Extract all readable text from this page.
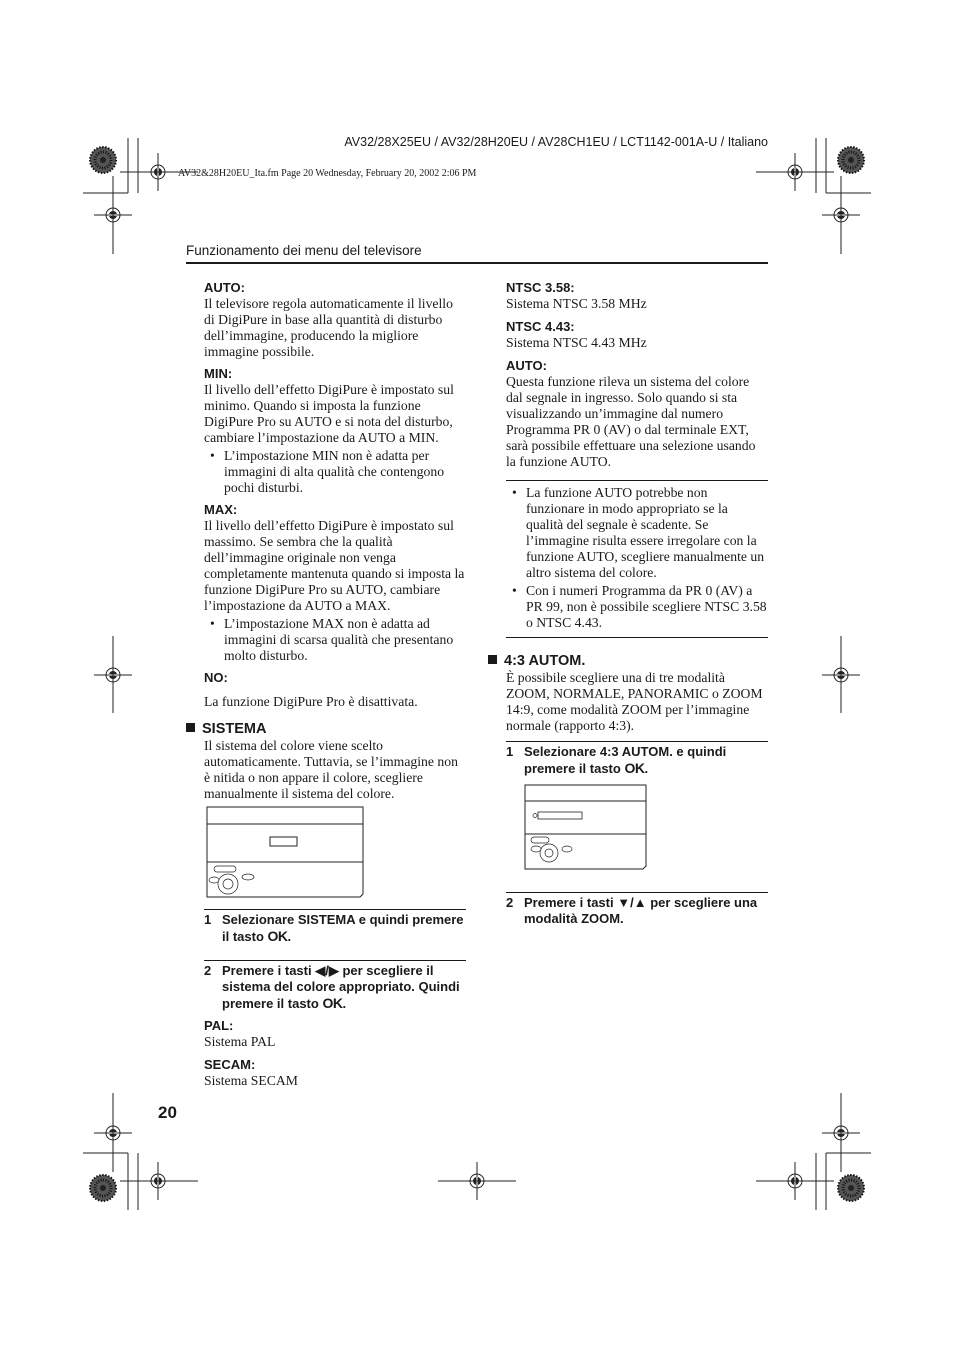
AV32/28X25EU / AV32/28H20EU / AV28CH1EU / LCT1142-001A-U / Italiano
AV32&28H20EU_Ita.fm Page 20 Wednesday, February 20, 2002 2:06 PM
Funzionamento dei menu del televisore

AUTO:

Il televisore regola automaticamente il livello di DigiPure in base alla quantità di disturbo dell’immagine, producendo la migliore immagine possibile.

MIN:

Il livello dell’effetto DigiPure è impostato sul minimo. Quando si imposta la funzione DigiPure Pro su AUTO e si nota del disturbo, cambiare l’impostazione da AUTO a MIN.

• L’impostazione MIN non è adatta per immagini di alta qualità che contengono pochi disturbi.

MAX:

Il livello dell’effetto DigiPure è impostato sul massimo. Se sembra che la qualità dell’immagine originale non venga completamente mantenuta quando si imposta la funzione DigiPure Pro su AUTO, cambiare l’impostazione da AUTO a MAX.

• L’impostazione MAX non è adatta ad immagini di scarsa qualità che presentano molto disturbo.

NO:

La funzione DigiPure Pro è disattivata.

SISTEMA

Il sistema del colore viene scelto automaticamente. Tuttavia, se l’immagine non è nitida o non appare il colore, scegliere manualmente il sistema del colore.

1 Selezionare SISTEMA e quindi premere il tasto OK.

2 Premere i tasti ◀/▶ per scegliere il sistema del colore appropriato. Quindi premere il tasto OK.

PAL:

Sistema PAL

SECAM:

Sistema SECAM

NTSC 3.58:

Sistema NTSC 3.58 MHz

NTSC 4.43:

Sistema NTSC 4.43 MHz

AUTO:

Questa funzione rileva un sistema del colore dal segnale in ingresso. Solo quando si sta visualizzando un’immagine dal numero Programma PR 0 (AV) o dal terminale EXT, sarà possibile effettuare una selezione usando la funzione AUTO.

• La funzione AUTO potrebbe non funzionare in modo appropriato se la qualità del segnale è scadente. Se l’immagine risulta essere irregolare con la funzione AUTO, scegliere manualmente un altro sistema del colore.

• Con i numeri Programma da PR 0 (AV) a PR 99, non è possibile scegliere NTSC 3.58 o NTSC 4.43.

4:3 AUTOM.

È possibile scegliere una di tre modalità ZOOM, NORMALE, PANORAMIC o ZOOM 14:9, come modalità ZOOM per l’immagine normale (rapporto 4:3).

1 Selezionare 4:3 AUTOM. e quindi premere il tasto OK.

2 Premere i tasti ▼/▲ per scegliere una modalità ZOOM.

20
